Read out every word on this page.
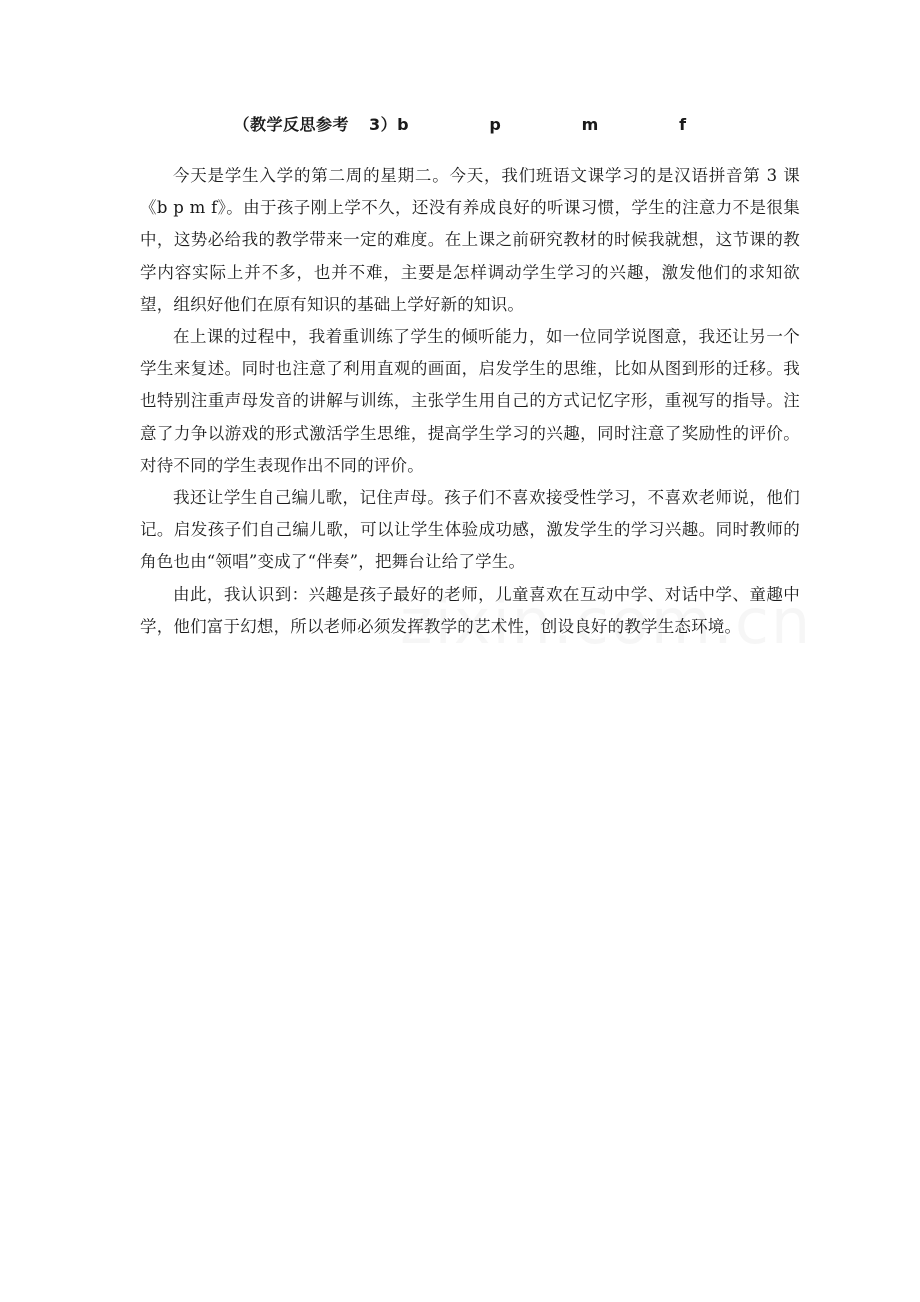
（教学反思参考 3）b    p    m    f

今天是学生入学的第二周的星期二。今天，我们班语文课学习的是汉语拼音第 3 课《b p m f》。由于孩子刚上学不久，还没有养成良好的听课习惯，学生的注意力不是很集中，这势必给我的教学带来一定的难度。在上课之前研究教材的时候我就想，这节课的教学内容实际上并不多，也并不难，主要是怎样调动学生学习的兴趣，激发他们的求知欲望，组织好他们在原有知识的基础上学好新的知识。

在上课的过程中，我着重训练了学生的倾听能力，如一位同学说图意，我还让另一个学生来复述。同时也注意了利用直观的画面，启发学生的思维，比如从图到形的迁移。我也特别注重声母发音的讲解与训练，主张学生用自己的方式记忆字形，重视写的指导。注意了力争以游戏的形式激活学生思维，提高学生学习的兴趣，同时注意了奖励性的评价。对待不同的学生表现作出不同的评价。

我还让学生自己编儿歌，记住声母。孩子们不喜欢接受性学习，不喜欢老师说，他们记。启发孩子们自己编儿歌，可以让学生体验成功感，激发学生的学习兴趣。同时教师的角色也由“领唱”变成了“伴奏”，把舞台让给了学生。

由此，我认识到：兴趣是孩子最好的老师，儿童喜欢在互动中学、对话中学、童趣中学，他们富于幻想，所以老师必须发挥教学的艺术性，创设良好的教学生态环境。
